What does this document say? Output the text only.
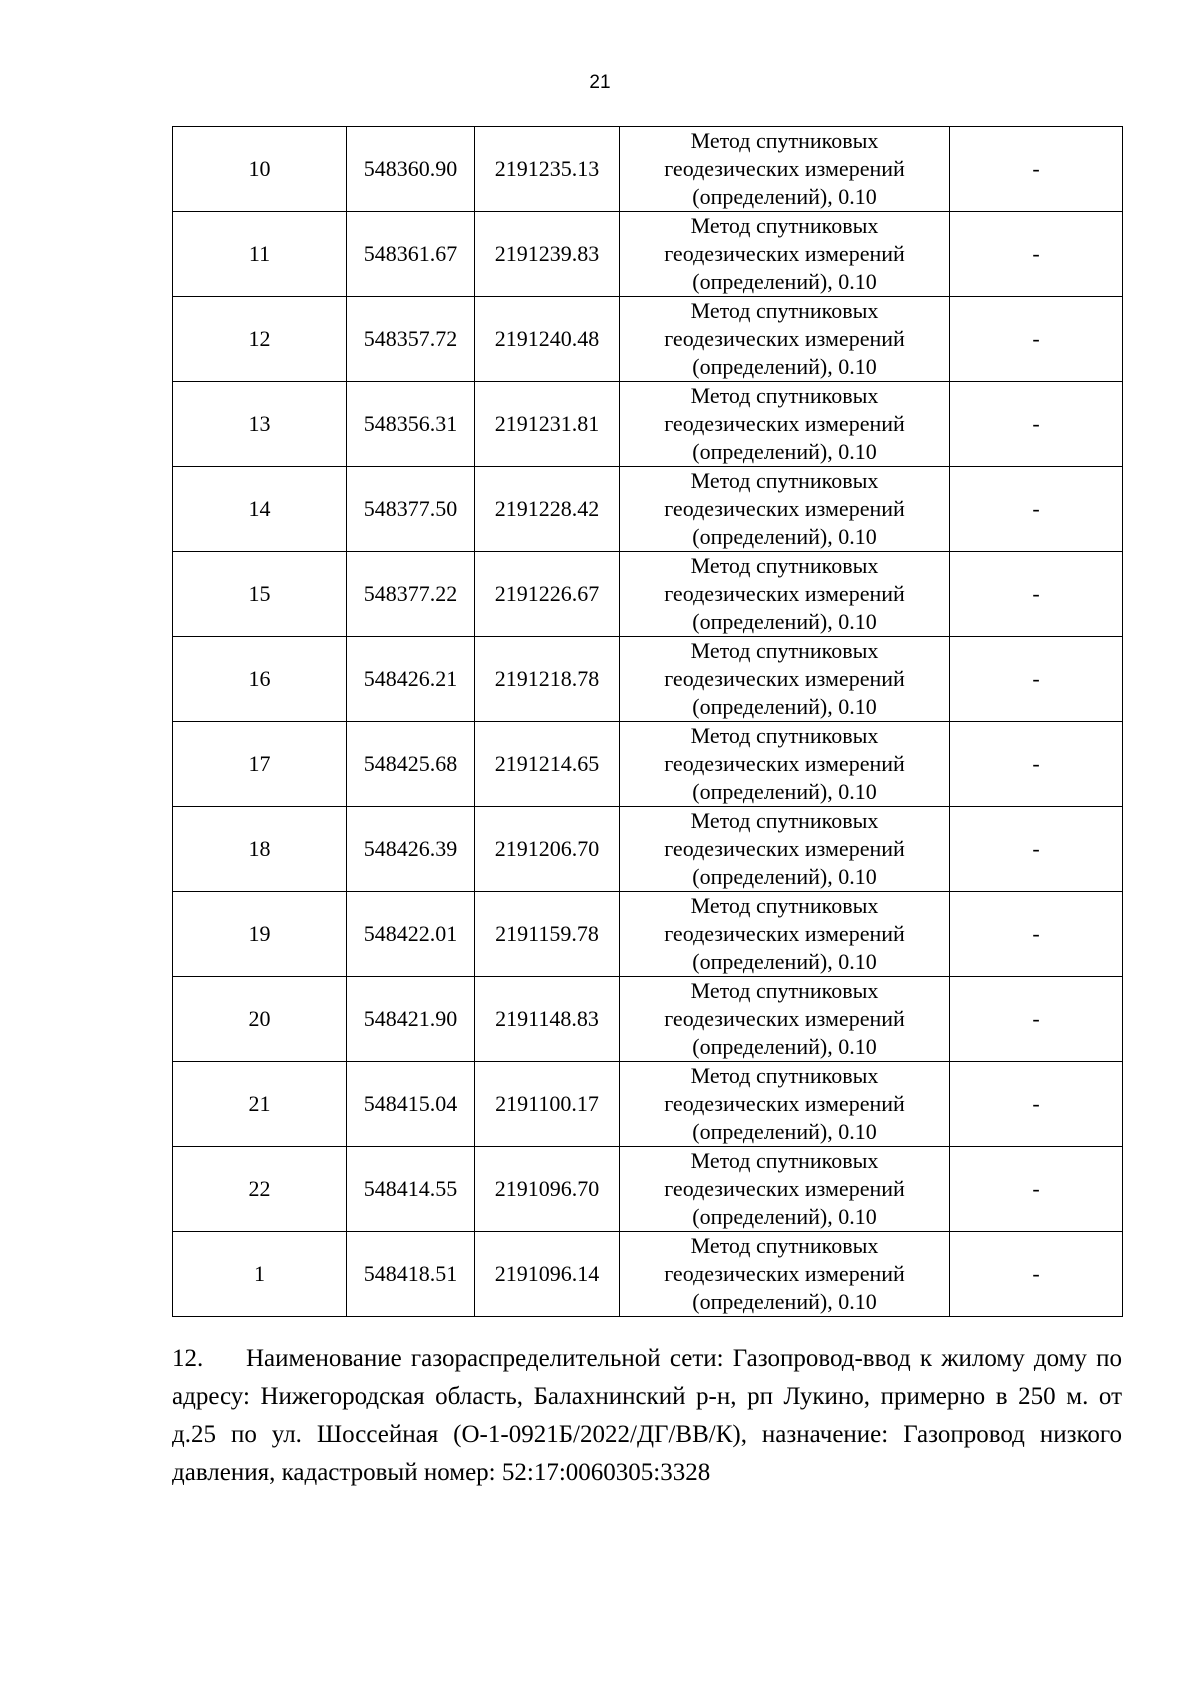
21
10	548360.90	2191235.13	Метод спутниковых
геодезических измерений
(определений), 0.10	-
11	548361.67	2191239.83	Метод спутниковых
геодезических измерений
(определений), 0.10	-
12	548357.72	2191240.48	Метод спутниковых
геодезических измерений
(определений), 0.10	-
13	548356.31	2191231.81	Метод спутниковых
геодезических измерений
(определений), 0.10	-
14	548377.50	2191228.42	Метод спутниковых
геодезических измерений
(определений), 0.10	-
15	548377.22	2191226.67	Метод спутниковых
геодезических измерений
(определений), 0.10	-
16	548426.21	2191218.78	Метод спутниковых
геодезических измерений
(определений), 0.10	-
17	548425.68	2191214.65	Метод спутниковых
геодезических измерений
(определений), 0.10	-
18	548426.39	2191206.70	Метод спутниковых
геодезических измерений
(определений), 0.10	-
19	548422.01	2191159.78	Метод спутниковых
геодезических измерений
(определений), 0.10	-
20	548421.90	2191148.83	Метод спутниковых
геодезических измерений
(определений), 0.10	-
21	548415.04	2191100.17	Метод спутниковых
геодезических измерений
(определений), 0.10	-
22	548414.55	2191096.70	Метод спутниковых
геодезических измерений
(определений), 0.10	-
1	548418.51	2191096.14	Метод спутниковых
геодезических измерений
(определений), 0.10	-
12. Наименование газораспределительной сети: Газопровод-ввод к жилому дому по адресу: Нижегородская область, Балахнинский р-н, рп Лукино, примерно в 250 м. от д.25 по ул. Шоссейная (О-1-0921Б/2022/ДГ/ВВ/К), назначение: Газопровод низкого давления, кадастровый номер: 52:17:0060305:3328
